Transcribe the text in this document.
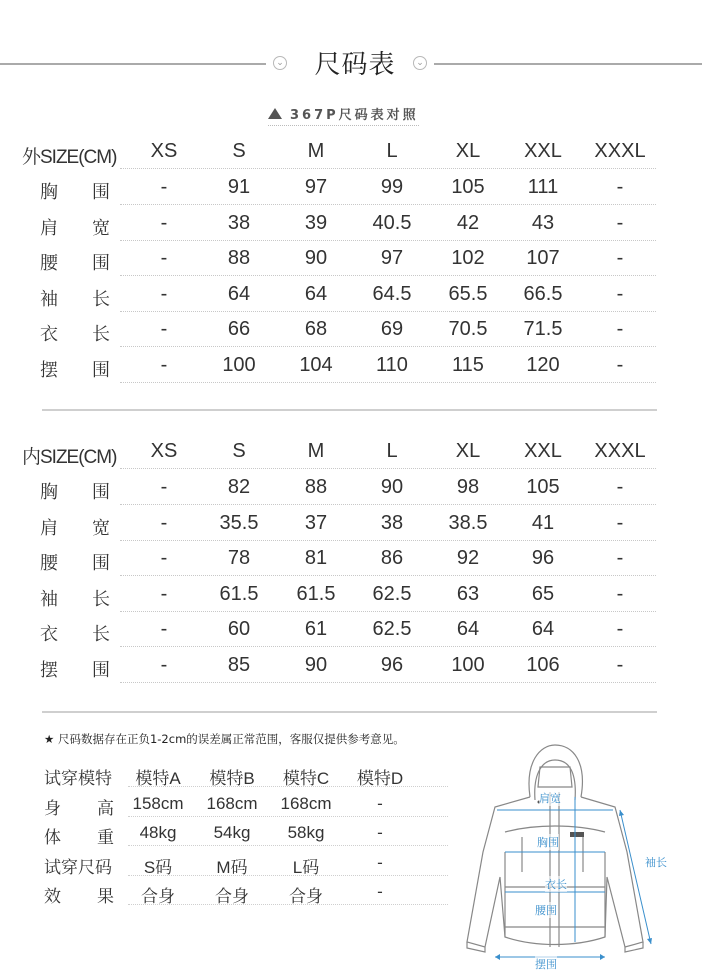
⌄	尺码表	⌄
367P尺码表对照
外SIZE(CM)	XS	S	M	L	XL	XXL	XXXL
胸 围	-	91	97	99	105	111	-
肩 宽	-	38	39	40.5	42	43	-
腰 围	-	88	90	97	102	107	-
袖 长	-	64	64	64.5	65.5	66.5	-
衣 长	-	66	68	69	70.5	71.5	-
摆 围	-	100	104	110	115	120	-
内SIZE(CM)	XS	S	M	L	XL	XXL	XXXL
胸 围	-	82	88	90	98	105	-
肩 宽	-	35.5	37	38	38.5	41	-
腰 围	-	78	81	86	92	96	-
袖 长	-	61.5	61.5	62.5	63	65	-
衣 长	-	60	61	62.5	64	64	-
摆 围	-	85	90	96	100	106	-
★ 尺码数据存在正负1-2cm的误差属正常范围，客服仅提供参考意见。
试穿模特	模特A	模特B	模特C	模特D
身 高	158cm	168cm	168cm	-
体 重	48kg	54kg	58kg	-
试穿尺码	S码	M码	L码	-
效 果	合身	合身	合身	-
肩宽
胸围
衣长
腰围
摆围
袖长
